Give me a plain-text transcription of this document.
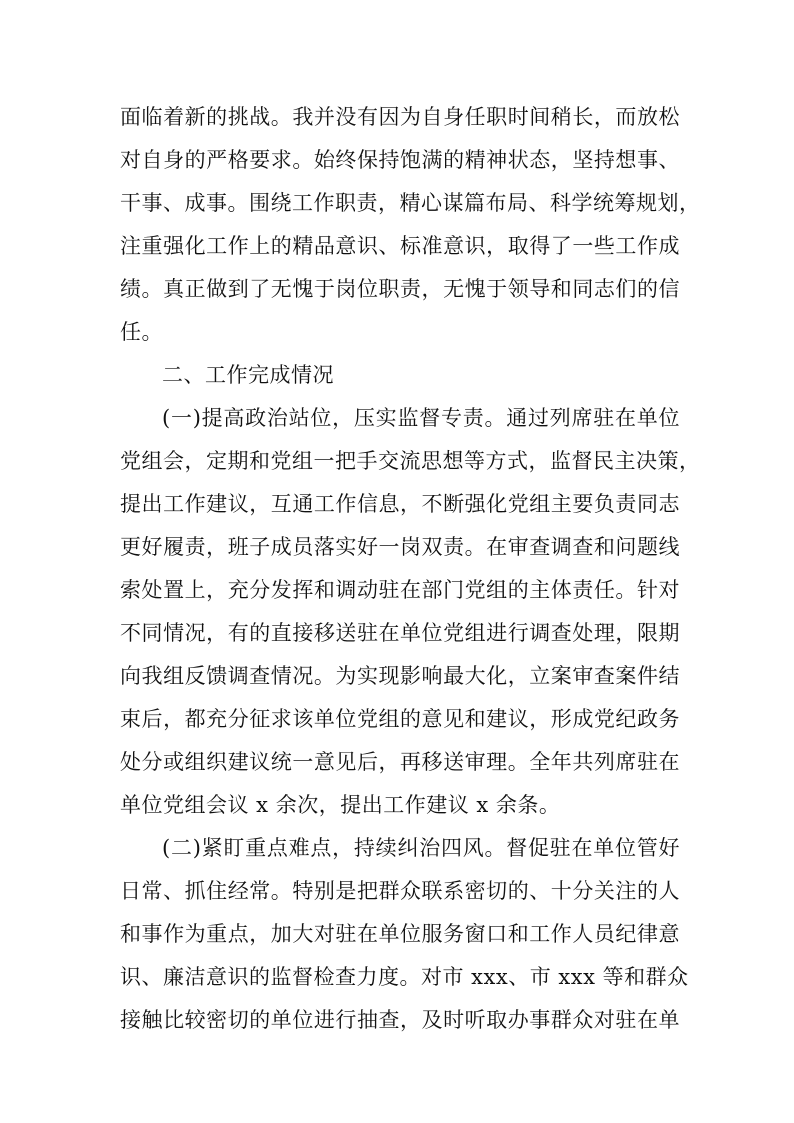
面临着新的挑战。我并没有因为自身任职时间稍长，而放松
对自身的严格要求。始终保持饱满的精神状态，坚持想事、
干事、成事。围绕工作职责，精心谋篇布局、科学统筹规划，
注重强化工作上的精品意识、标准意识，取得了一些工作成
绩。真正做到了无愧于岗位职责，无愧于领导和同志们的信
任。
二、工作完成情况
(一)提高政治站位，压实监督专责。通过列席驻在单位
党组会，定期和党组一把手交流思想等方式，监督民主决策，
提出工作建议，互通工作信息，不断强化党组主要负责同志
更好履责，班子成员落实好一岗双责。在审查调查和问题线
索处置上，充分发挥和调动驻在部门党组的主体责任。针对
不同情况，有的直接移送驻在单位党组进行调查处理，限期
向我组反馈调查情况。为实现影响最大化，立案审查案件结
束后，都充分征求该单位党组的意见和建议，形成党纪政务
处分或组织建议统一意见后，再移送审理。全年共列席驻在
单位党组会议 x 余次，提出工作建议 x 余条。
(二)紧盯重点难点，持续纠治四风。督促驻在单位管好
日常、抓住经常。特别是把群众联系密切的、十分关注的人
和事作为重点，加大对驻在单位服务窗口和工作人员纪律意
识、廉洁意识的监督检查力度。对市 xxx、市 xxx 等和群众
接触比较密切的单位进行抽查，及时听取办事群众对驻在单
